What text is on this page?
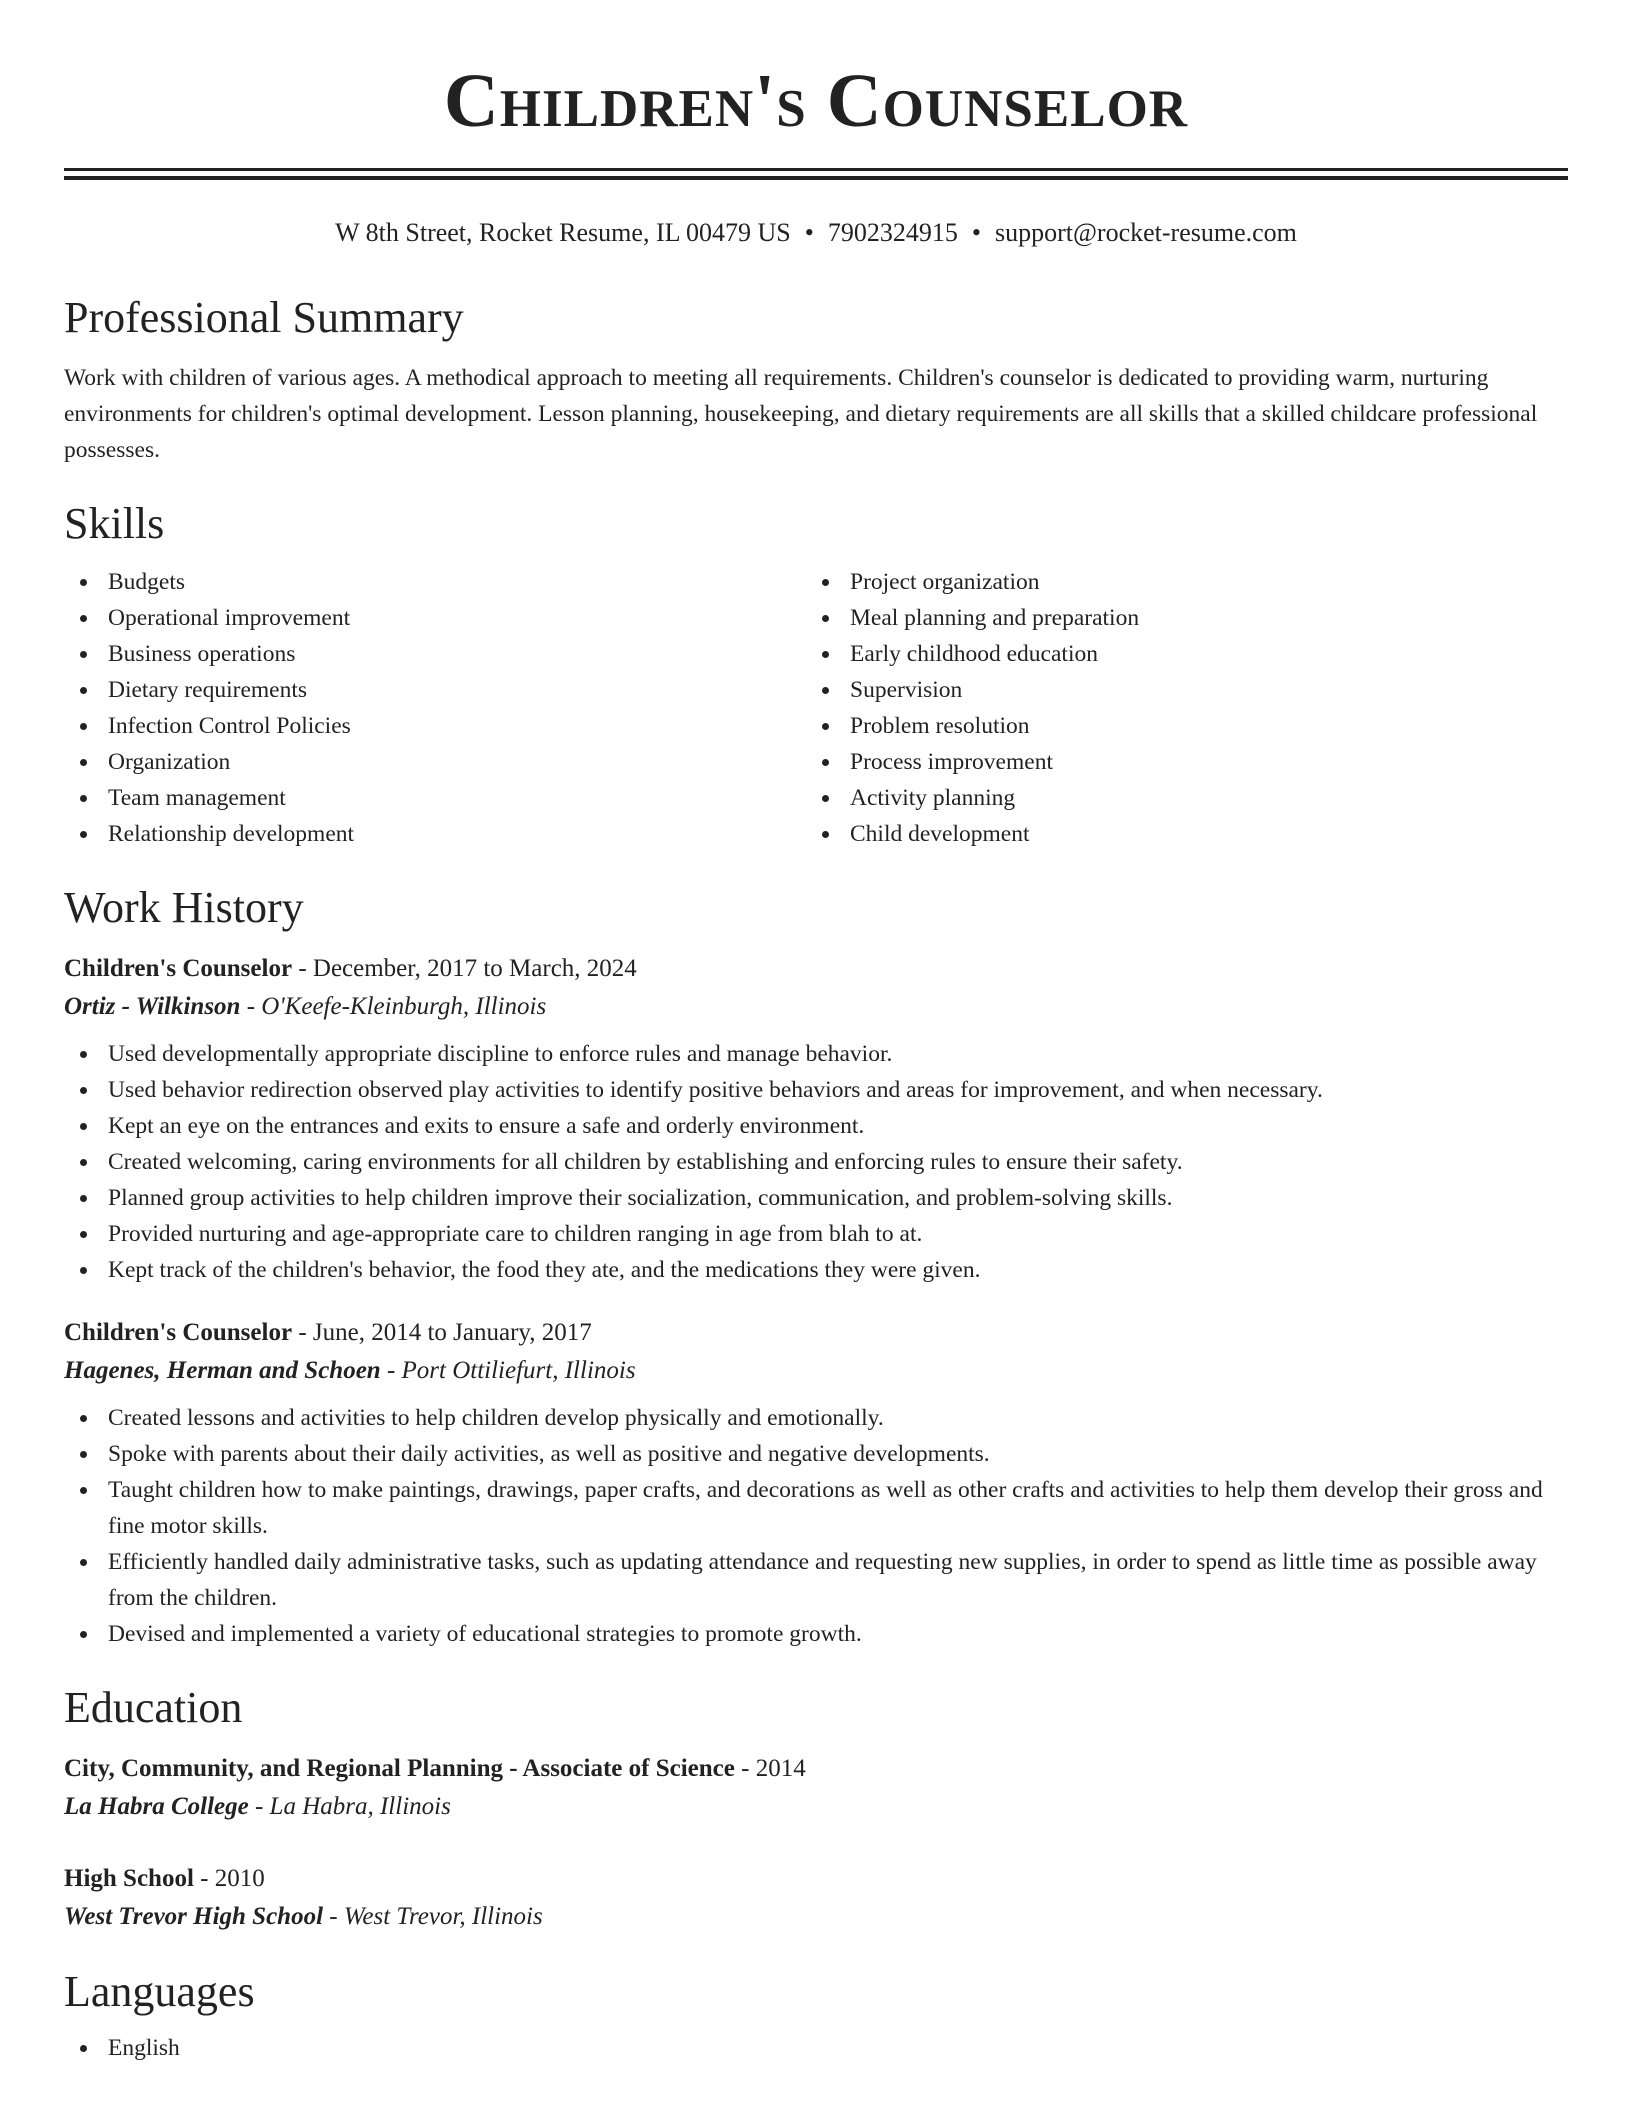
Children's Counselor
W 8th Street, Rocket Resume, IL 00479 US • 7902324915 • support@rocket-resume.com
Professional Summary
Work with children of various ages. A methodical approach to meeting all requirements. Children's counselor is dedicated to providing warm, nurturing environments for children's optimal development. Lesson planning, housekeeping, and dietary requirements are all skills that a skilled childcare professional possesses.
Skills
Budgets
Operational improvement
Business operations
Dietary requirements
Infection Control Policies
Organization
Team management
Relationship development
Project organization
Meal planning and preparation
Early childhood education
Supervision
Problem resolution
Process improvement
Activity planning
Child development
Work History
Children's Counselor - December, 2017 to March, 2024
Ortiz - Wilkinson - O'Keefe-Kleinburgh, Illinois
Used developmentally appropriate discipline to enforce rules and manage behavior.
Used behavior redirection observed play activities to identify positive behaviors and areas for improvement, and when necessary.
Kept an eye on the entrances and exits to ensure a safe and orderly environment.
Created welcoming, caring environments for all children by establishing and enforcing rules to ensure their safety.
Planned group activities to help children improve their socialization, communication, and problem-solving skills.
Provided nurturing and age-appropriate care to children ranging in age from blah to at.
Kept track of the children's behavior, the food they ate, and the medications they were given.
Children's Counselor - June, 2014 to January, 2017
Hagenes, Herman and Schoen - Port Ottiliefurt, Illinois
Created lessons and activities to help children develop physically and emotionally.
Spoke with parents about their daily activities, as well as positive and negative developments.
Taught children how to make paintings, drawings, paper crafts, and decorations as well as other crafts and activities to help them develop their gross and fine motor skills.
Efficiently handled daily administrative tasks, such as updating attendance and requesting new supplies, in order to spend as little time as possible away from the children.
Devised and implemented a variety of educational strategies to promote growth.
Education
City, Community, and Regional Planning - Associate of Science - 2014
La Habra College - La Habra, Illinois
High School - 2010
West Trevor High School - West Trevor, Illinois
Languages
English
